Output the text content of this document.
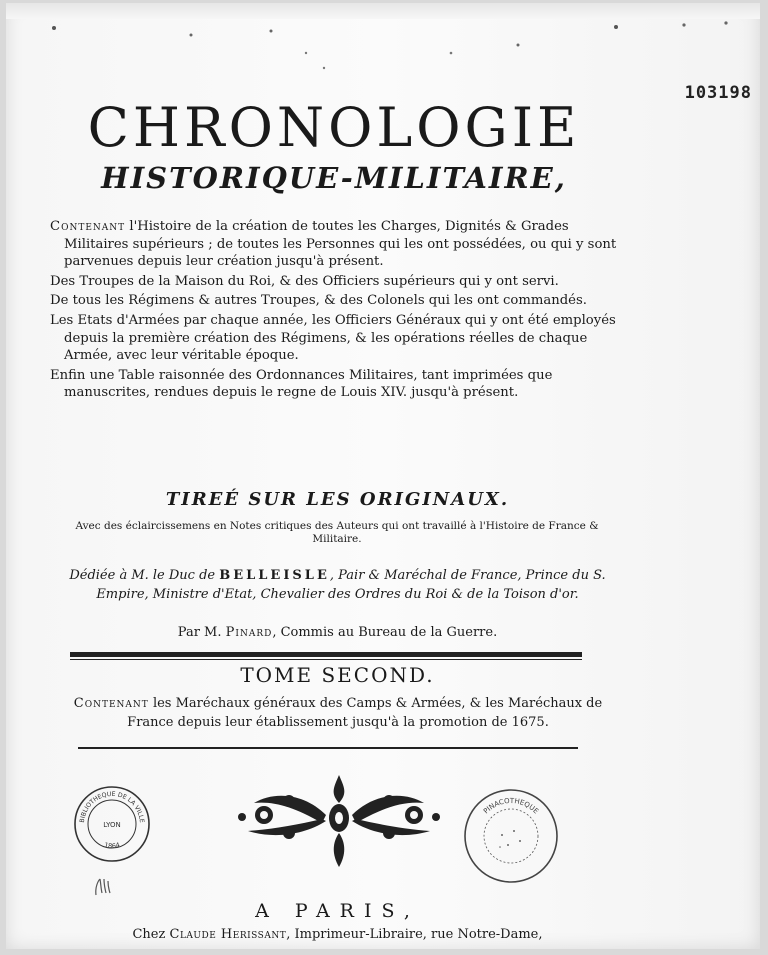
103198
CHRONOLOGIE
HISTORIQUE-MILITAIRE,

Contenant l'Histoire de la création de toutes les Charges, Dignités & Grades Militaires supérieurs ; de toutes les Personnes qui les ont possédées, ou qui y sont parvenues depuis leur création jusqu'à présent.

Des Troupes de la Maison du Roi, & des Officiers supérieurs qui y ont servi.

De tous les Régimens & autres Troupes, & des Colonels qui les ont commandés.

Les Etats d'Armées par chaque année, les Officiers Généraux qui y ont été employés depuis la première création des Régimens, & les opérations réelles de chaque Armée, avec leur véritable époque.

Enfin une Table raisonnée des Ordonnances Militaires, tant imprimées que manuscrites, rendues depuis le regne de Louis XIV. jusqu'à présent.

TIREÉ SUR LES ORIGINAUX.
Avec des éclaircissemens en Notes critiques des Auteurs qui ont travaillé à l'Histoire de France & Militaire.
Dédiée à M. le Duc de BELLEISLE, Pair & Maréchal de France, Prince du S. Empire, Ministre d'Etat, Chevalier des Ordres du Roi & de la Toison d'or.
Par M. Pinard, Commis au Bureau de la Guerre.
TOME SECOND.
Contenant les Maréchaux généraux des Camps & Armées, & les Maréchaux de France depuis leur établissement jusqu'à la promotion de 1675.
BIBLIOTHEQUE DE LA VILLE
LYON
1864
PINACOTHEQUE
A PARIS,
Chez Claude Herissant, Imprimeur-Libraire, rue Notre-Dame,
